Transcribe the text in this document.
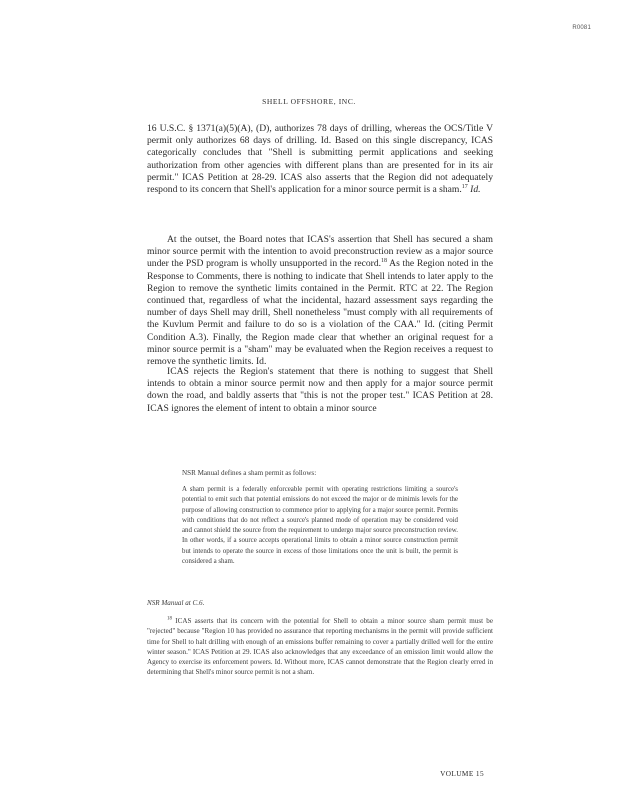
R0081
SHELL OFFSHORE, INC.

16 U.S.C. § 1371(a)(5)(A), (D), authorizes 78 days of drilling, whereas the OCS/Title V permit only authorizes 68 days of drilling. Id. Based on this single discrepancy, ICAS categorically concludes that "Shell is submitting permit applications and seeking authorization from other agencies with different plans than are presented for in its air permit." ICAS Petition at 28-29. ICAS also asserts that the Region did not adequately respond to its concern that Shell's application for a minor source permit is a sham.$^{17}$ Id.

At the outset, the Board notes that ICAS's assertion that Shell has secured a sham minor source permit with the intention to avoid preconstruction review as a major source under the PSD program is wholly unsupported in the record.$^{18}$ As the Region noted in the Response to Comments, there is nothing to indicate that Shell intends to later apply to the Region to remove the synthetic limits contained in the Permit. RTC at 22. The Region continued that, regardless of what the incidental, hazard assessment says regarding the number of days Shell may drill, Shell nonetheless "must comply with all requirements of the Kuvlum Permit and failure to do so is a violation of the CAA." Id. (citing Permit Condition A.3). Finally, the Region made clear that whether an original request for a minor source permit is a "sham" may be evaluated when the Region receives a request to remove the synthetic limits. Id.

ICAS rejects the Region's statement that there is nothing to suggest that Shell intends to obtain a minor source permit now and then apply for a major source permit down the road, and baldly asserts that "this is not the proper test." ICAS Petition at 28. ICAS ignores the element of intent to obtain a minor source

NSR Manual defines a sham permit as follows:
A sham permit is a federally enforceable permit with operating restrictions limiting a source's potential to emit such that potential emissions do not exceed the major or de minimis levels for the purpose of allowing construction to commence prior to applying for a major source permit. Permits with conditions that do not reflect a source's planned mode of operation may be considered void and cannot shield the source from the requirement to undergo major source preconstruction review. In other words, if a source accepts operational limits to obtain a minor source construction permit but intends to operate the source in excess of those limitations once the unit is built, the permit is considered a sham.
NSR Manual at C.6.
$^{18}$ ICAS asserts that its concern with the potential for Shell to obtain a minor source sham permit must be "rejected" because "Region 10 has provided no assurance that reporting mechanisms in the permit will provide sufficient time for Shell to halt drilling with enough of an emissions buffer remaining to cover a partially drilled well for the entire winter season." ICAS Petition at 29. ICAS also acknowledges that any exceedance of an emission limit would allow the Agency to exercise its enforcement powers. Id. Without more, ICAS cannot demonstrate that the Region clearly erred in determining that Shell's minor source permit is not a sham.
VOLUME 15
